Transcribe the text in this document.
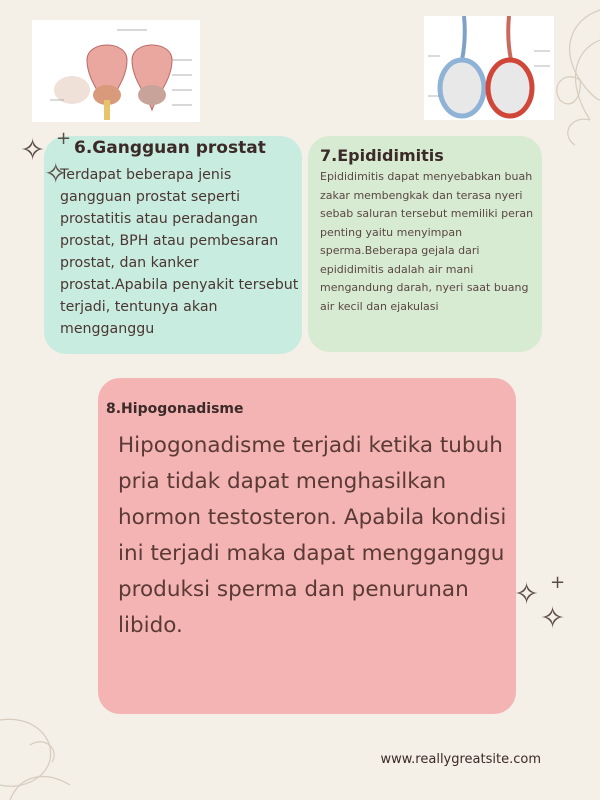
6.Gangguan prostat
Terdapat beberapa jenis gangguan prostat seperti prostatitis atau peradangan prostat, BPH atau pembesaran prostat, dan kanker prostat.Apabila penyakit tersebut terjadi, tentunya akan mengganggu
7.Epididimitis
Epididimitis dapat menyebabkan buah zakar membengkak dan terasa nyeri sebab saluran tersebut memiliki peran penting yaitu menyimpan sperma.Beberapa gejala dari epididimitis adalah air mani mengandung darah, nyeri saat buang air kecil dan ejakulasi
8.Hipogonadisme
Hipogonadisme terjadi ketika tubuh pria tidak dapat menghasilkan hormon testosteron. Apabila kondisi ini terjadi maka dapat mengganggu produksi sperma dan penurunan libido.
✧ +
✧
✧ +
✧
www.reallygreatsite.com
